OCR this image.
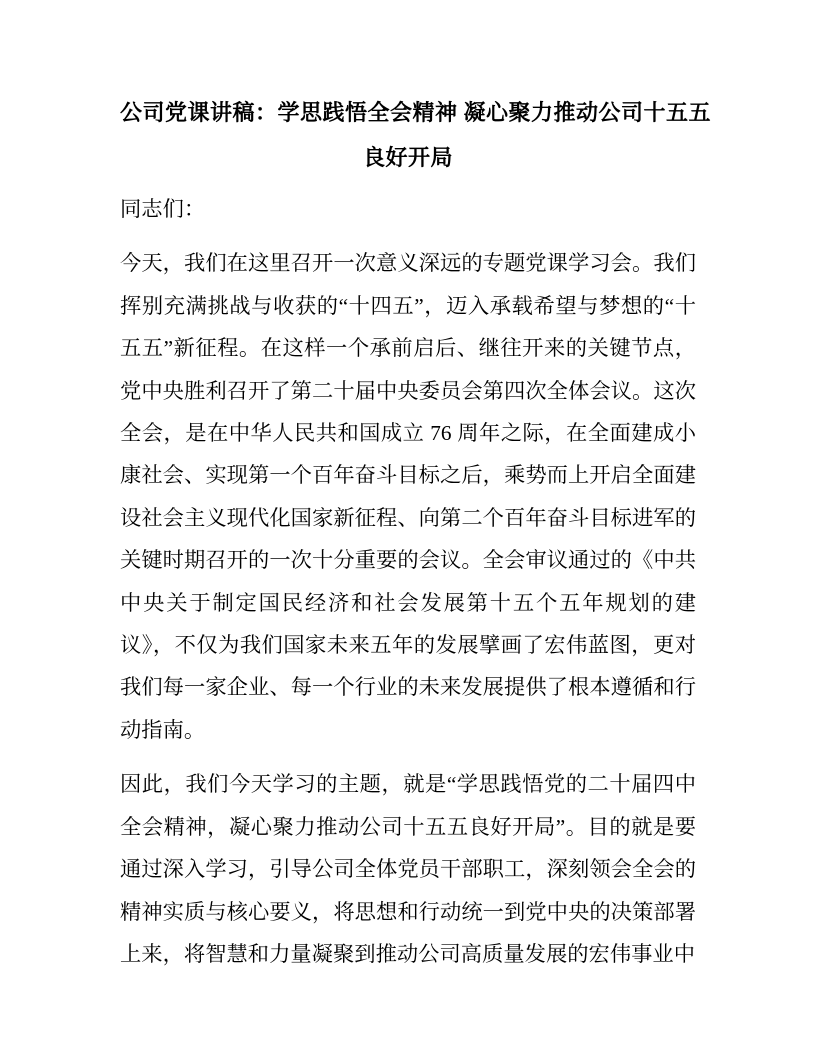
公司党课讲稿：学思践悟全会精神 凝心聚力推动公司十五五
良好开局

同志们：

今天，我们在这里召开一次意义深远的专题党课学习会。我们挥别充满挑战与收获的“十四五”，迈入承载希望与梦想的“十五五”新征程。在这样一个承前启后、继往开来的关键节点，党中央胜利召开了第二十届中央委员会第四次全体会议。这次全会，是在中华人民共和国成立 76 周年之际，在全面建成小康社会、实现第一个百年奋斗目标之后，乘势而上开启全面建设社会主义现代化国家新征程、向第二个百年奋斗目标进军的关键时期召开的一次十分重要的会议。全会审议通过的《中共中央关于制定国民经济和社会发展第十五个五年规划的建议》，不仅为我们国家未来五年的发展擘画了宏伟蓝图，更对我们每一家企业、每一个行业的未来发展提供了根本遵循和行动指南。

因此，我们今天学习的主题，就是“学思践悟党的二十届四中全会精神，凝心聚力推动公司十五五良好开局”。目的就是要通过深入学习，引导公司全体党员干部职工，深刻领会全会的精神实质与核心要义，将思想和行动统一到党中央的决策部署上来，将智慧和力量凝聚到推动公司高质量发展的宏伟事业中
